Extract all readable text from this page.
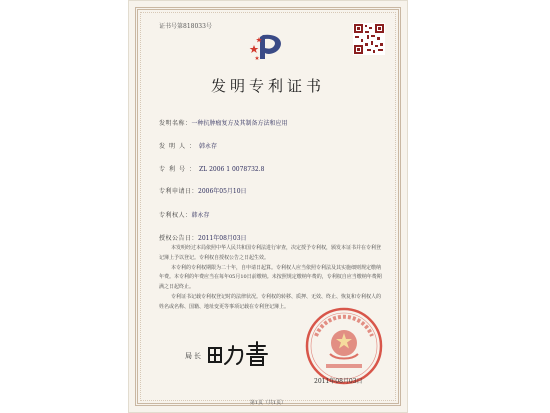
证书号第818033号
发明专利证书
发明名称：一种抗肿瘤复方及其制备方法和应用
发明人：韩永存
专利号：ZL 2006 1 0078732.8
专利申请日：2006年05月10日
专利权人：韩永存
授权公告日：2011年08月03日

本发明经过本局依照中华人民共和国专利法进行审查，决定授予专利权，颁发本证书并在专利登记簿上予以登记。专利权自授权公告之日起生效。

本专利的专利权期限为二十年，自申请日起算。专利权人应当依照专利法及其实施细则规定缴纳年费。本专利的年费应当在每年05月10日前缴纳。未按照规定缴纳年费的，专利权自应当缴纳年费期满之日起终止。

专利证书记载专利权登记时的法律状况。专利权的转移、质押、无效、终止、恢复和专利权人的姓名或名称、国籍、地址变更等事项记载在专利登记簿上。

局长
2011年08月03日
第1页（共1页）
